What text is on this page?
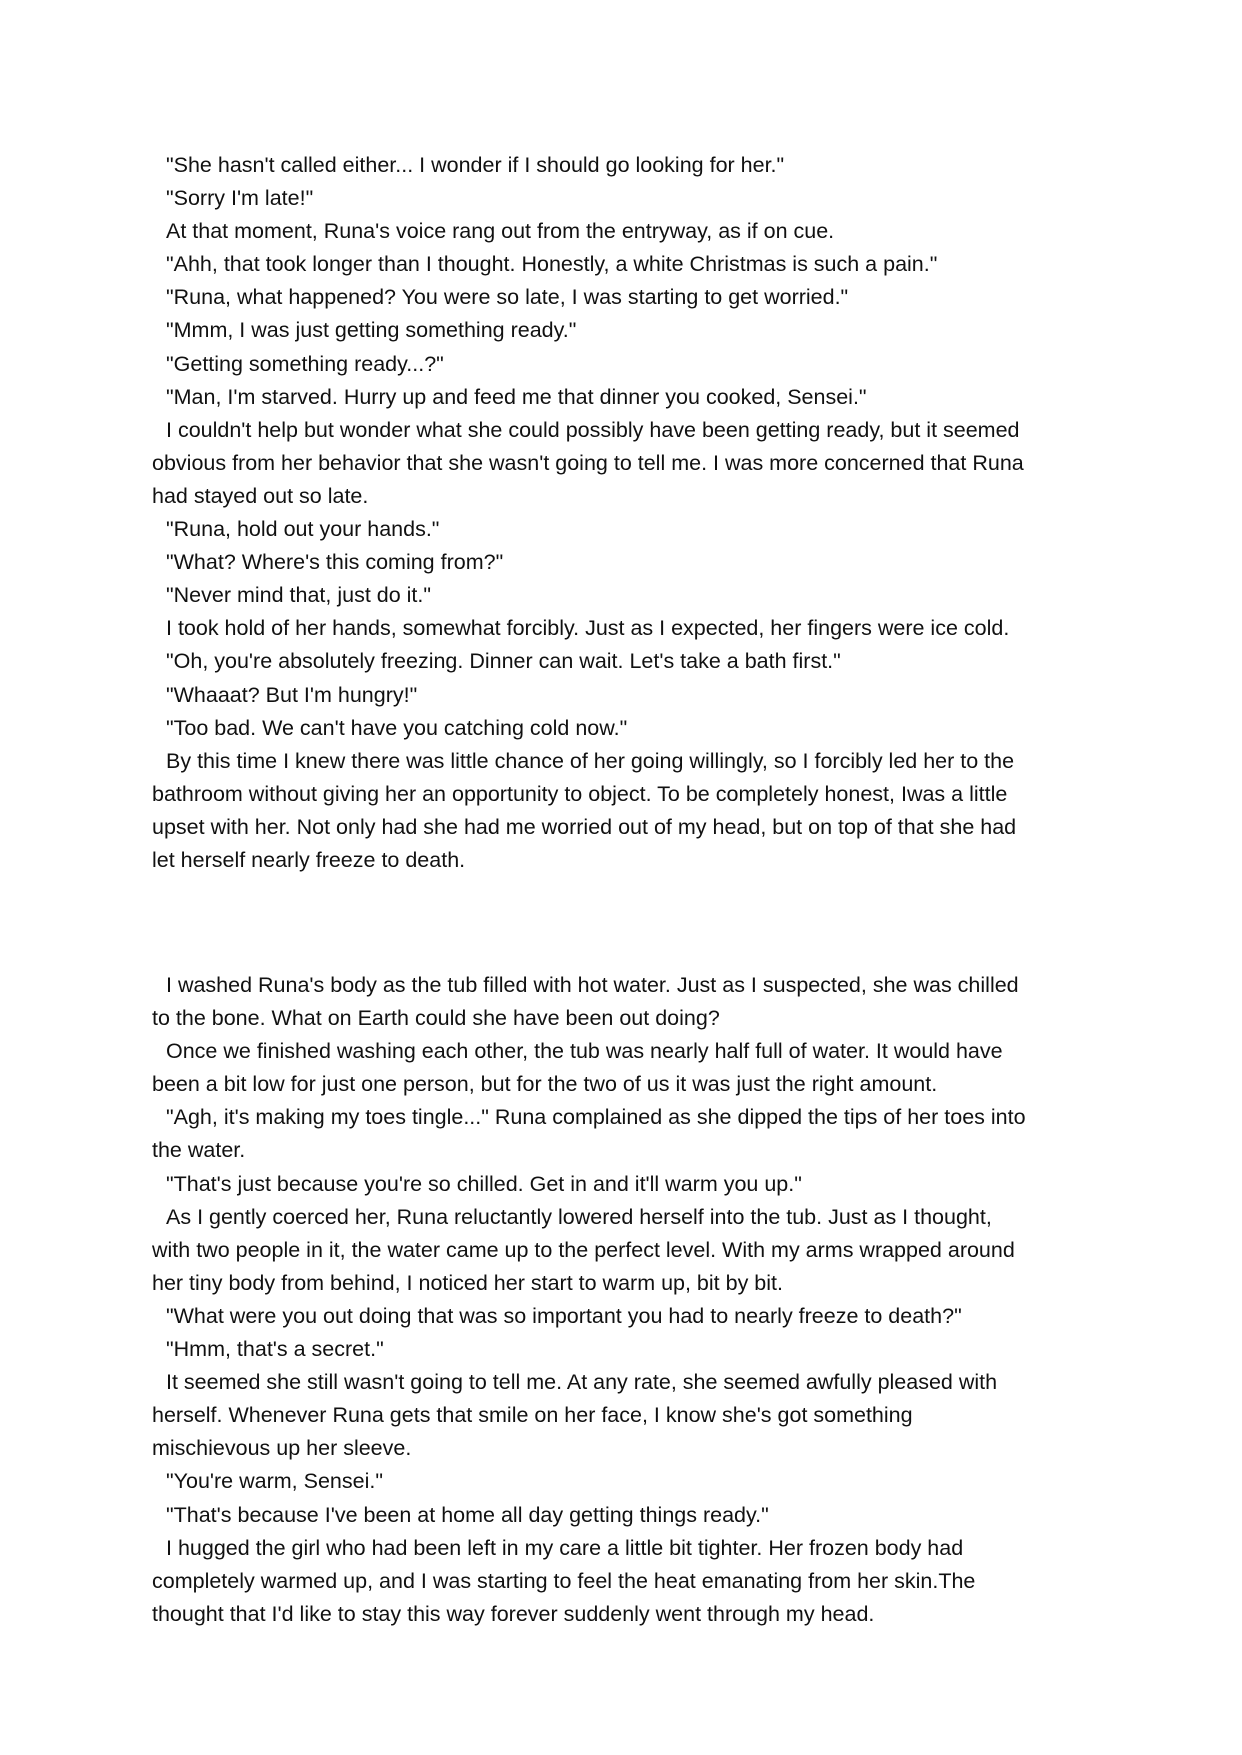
"She hasn't called either... I wonder if I should go looking for her."
"Sorry I'm late!"
At that moment, Runa's voice rang out from the entryway, as if on cue.
"Ahh, that took longer than I thought. Honestly, a white Christmas is such a pain."
"Runa, what happened? You were so late, I was starting to get worried."
"Mmm, I was just getting something ready."
"Getting something ready...?"
"Man, I'm starved. Hurry up and feed me that dinner you cooked, Sensei."
I couldn't help but wonder what she could possibly have been getting ready, but it seemed
obvious from her behavior that she wasn't going to tell me. I was more concerned that Runa
had stayed out so late.
"Runa, hold out your hands."
"What? Where's this coming from?"
"Never mind that, just do it."
I took hold of her hands, somewhat forcibly. Just as I expected, her fingers were ice cold.
"Oh, you're absolutely freezing. Dinner can wait. Let's take a bath first."
"Whaaat? But I'm hungry!"
"Too bad. We can't have you catching cold now."
By this time I knew there was little chance of her going willingly, so I forcibly led her to the
bathroom without giving her an opportunity to object. To be completely honest, Iwas a little
upset with her. Not only had she had me worried out of my head, but on top of that she had
let herself nearly freeze to death.
I washed Runa's body as the tub filled with hot water. Just as I suspected, she was chilled
to the bone. What on Earth could she have been out doing?
Once we finished washing each other, the tub was nearly half full of water. It would have
been a bit low for just one person, but for the two of us it was just the right amount.
"Agh, it's making my toes tingle..." Runa complained as she dipped the tips of her toes into
the water.
"That's just because you're so chilled. Get in and it'll warm you up."
As I gently coerced her, Runa reluctantly lowered herself into the tub. Just as I thought,
with two people in it, the water came up to the perfect level. With my arms wrapped around
her tiny body from behind, I noticed her start to warm up, bit by bit.
"What were you out doing that was so important you had to nearly freeze to death?"
"Hmm, that's a secret."
It seemed she still wasn't going to tell me. At any rate, she seemed awfully pleased with
herself. Whenever Runa gets that smile on her face, I know she's got something
mischievous up her sleeve.
"You're warm, Sensei."
"That's because I've been at home all day getting things ready."
I hugged the girl who had been left in my care a little bit tighter. Her frozen body had
completely warmed up, and I was starting to feel the heat emanating from her skin.The
thought that I'd like to stay this way forever suddenly went through my head.
